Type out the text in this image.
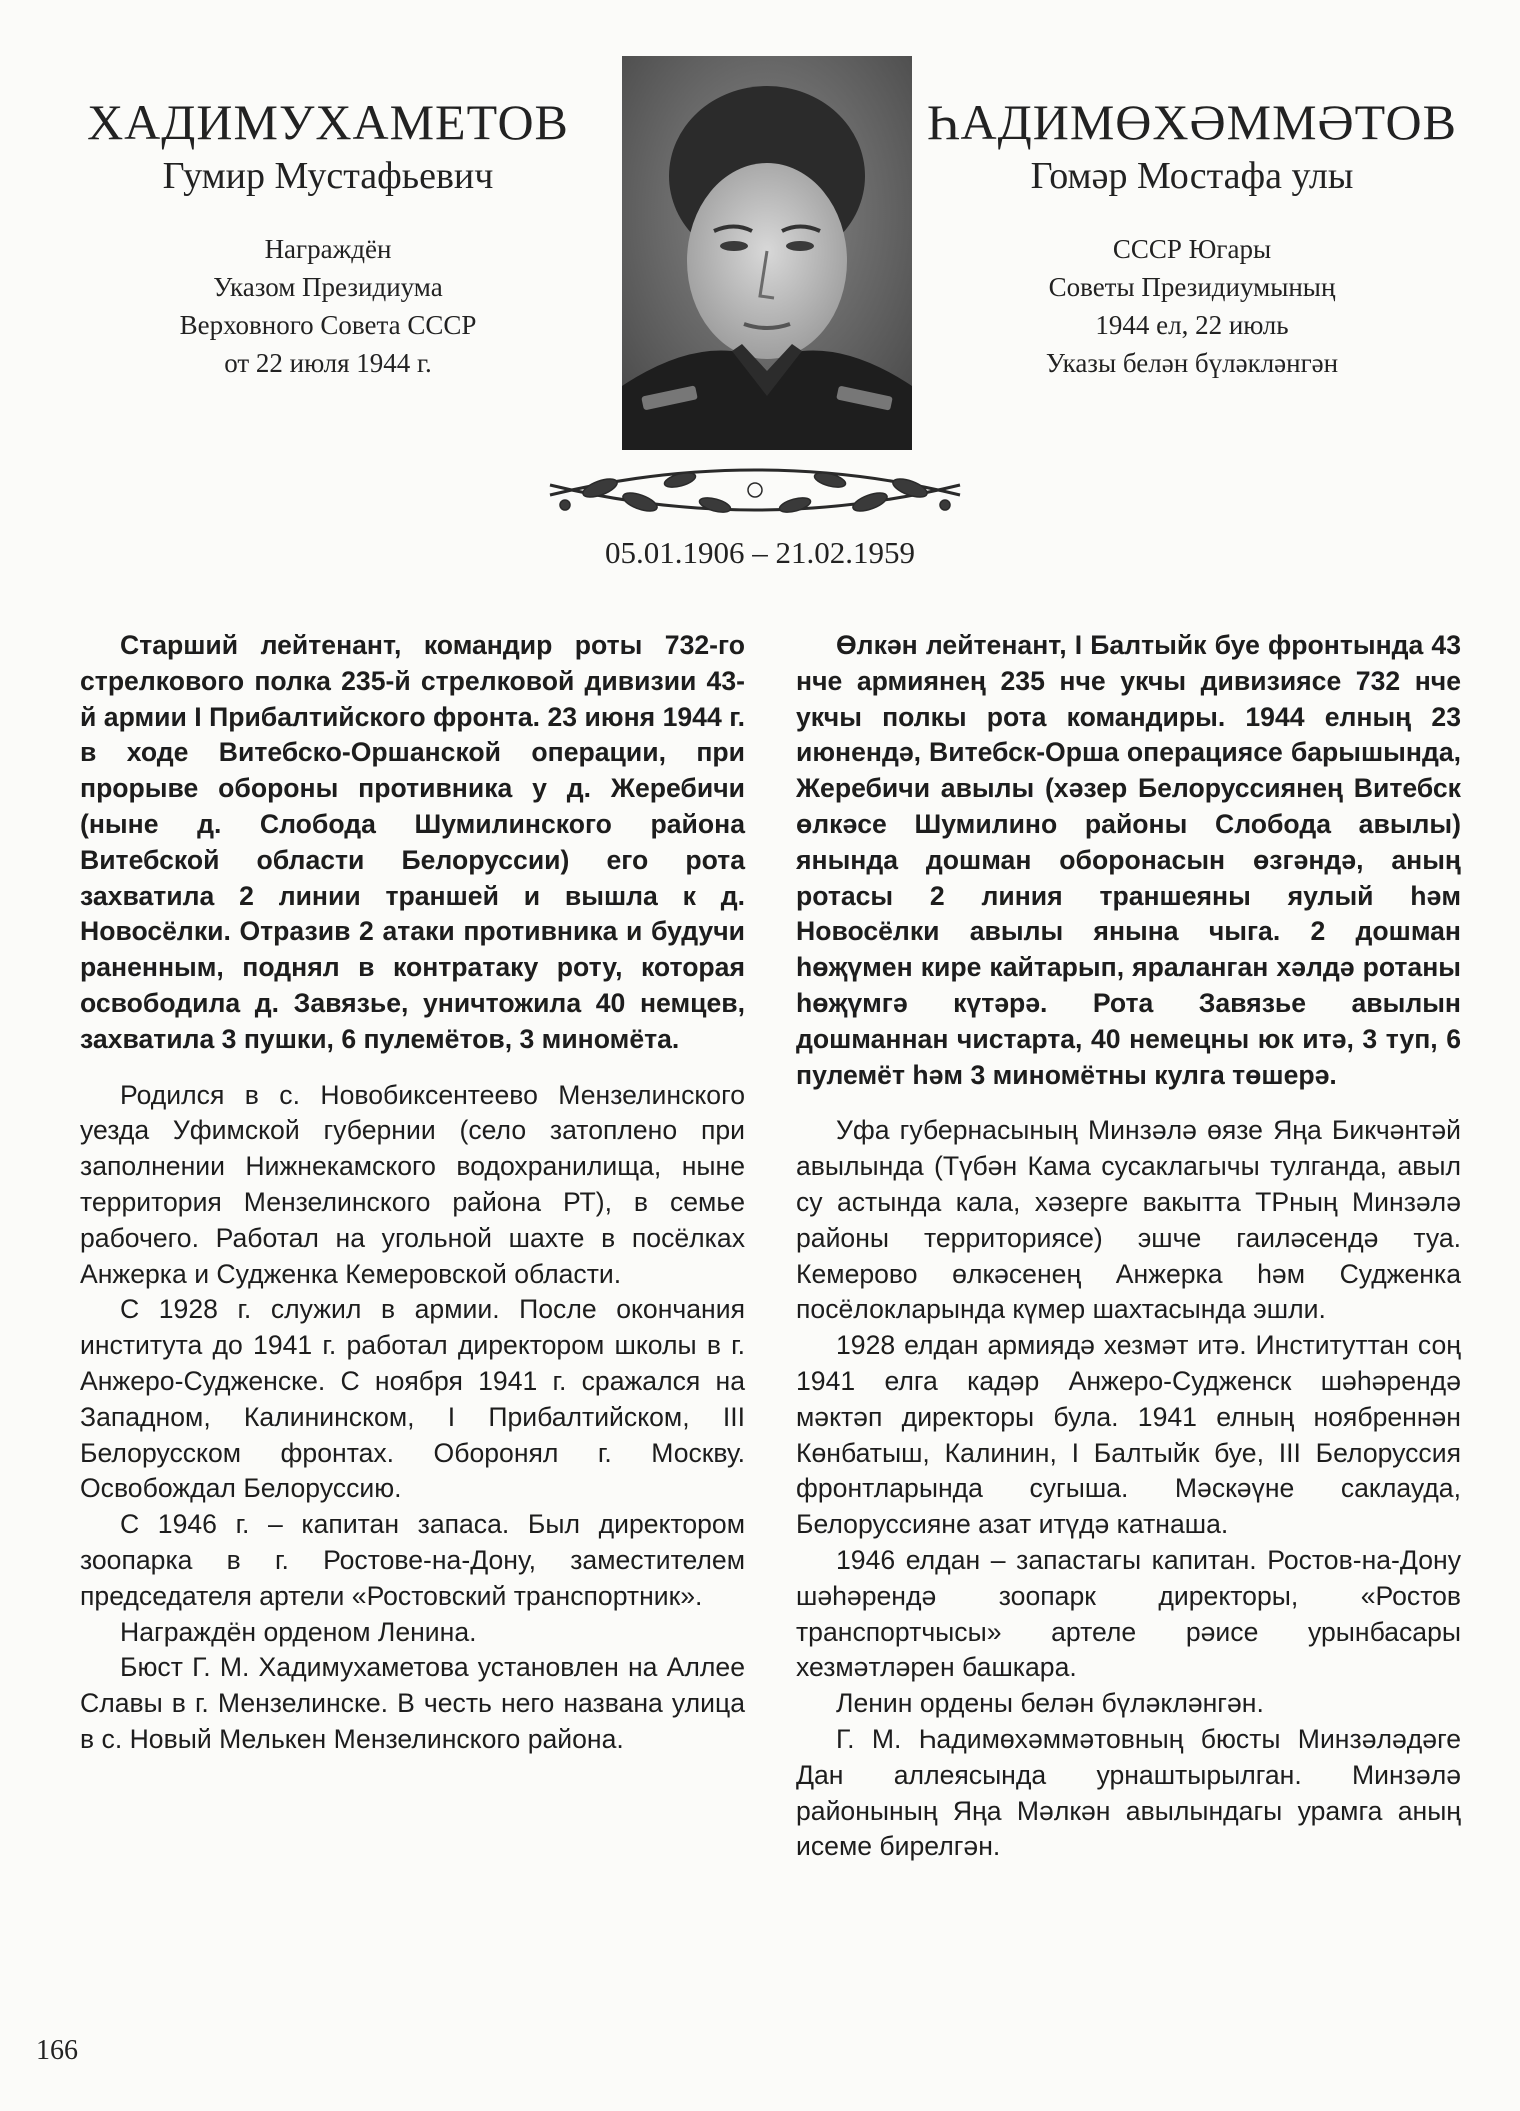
ХАДИМУХАМЕТОВ
Гумир Мустафьевич
Награждён
Указом Президиума
Верховного Совета СССР
от 22 июля 1944 г.
ҺАДИМӨХӘММӘТОВ
Гомәр Мостафа улы
СССР Югары
Советы Президиумының
1944 ел, 22 июль
Указы белән бүләкләнгән
05.01.1906 – 21.02.1959

Старший лейтенант, командир роты 732-го стрелкового полка 235-й стрелковой дивизии 43-й армии I Прибалтийского фронта. 23 июня 1944 г. в ходе Витебско-Оршанской операции, при прорыве обороны противника у д. Жеребичи (ныне д. Слобода Шумилинского района Витебской области Белоруссии) его рота захватила 2 линии траншей и вышла к д. Новосёлки. Отразив 2 атаки противника и будучи раненным, поднял в контратаку роту, которая освободила д. Завязье, уничтожила 40 немцев, захватила 3 пушки, 6 пулемётов, 3 миномёта.

Родился в с. Новобиксентеево Мензелинского уезда Уфимской губернии (село затоплено при заполнении Нижнекамского водохранилища, ныне территория Мензелинского района РТ), в семье рабочего. Работал на угольной шахте в посёлках Анжерка и Судженка Кемеровской области.

С 1928 г. служил в армии. После окончания института до 1941 г. работал директором школы в г. Анжеро-Судженске. С ноября 1941 г. сражался на Западном, Калининском, I Прибалтийском, III Белорусском фронтах. Оборонял г. Москву. Освобождал Белоруссию.

С 1946 г. – капитан запаса. Был директором зоопарка в г. Ростове-на-Дону, заместителем председателя артели «Ростовский транспортник».

Награждён орденом Ленина.

Бюст Г. М. Хадимухаметова установлен на Аллее Славы в г. Мензелинске. В честь него названа улица в с. Новый Мелькен Мензелинского района.

Өлкән лейтенант, I Балтыйк буе фронтында 43 нче армиянең 235 нче укчы дивизиясе 732 нче укчы полкы рота командиры. 1944 елның 23 июнендә, Витебск-Орша операциясе барышында, Жеребичи авылы (хәзер Белоруссиянең Витебск өлкәсе Шумилино районы Слобода авылы) янында дошман оборонасын өзгәндә, аның ротасы 2 линия траншеяны яулый һәм Новосёлки авылы янына чыга. 2 дошман һөҗүмен кире кайтарып, яраланган хәлдә ротаны һөҗүмгә күтәрә. Рота Завязье авылын дошманнан чистарта, 40 немецны юк итә, 3 туп, 6 пулемёт һәм 3 миномётны кулга төшерә.

Уфа губернасының Минзәлә өязе Яңа Бикчәнтәй авылында (Түбән Кама сусаклагычы тулганда, авыл су астында кала, хәзерге вакытта ТРның Минзәлә районы территориясе) эшче гаиләсендә туа. Кемерово өлкәсенең Анжерка һәм Судженка посёлокларында күмер шахтасында эшли.

1928 елдан армиядә хезмәт итә. Институттан соң 1941 елга кадәр Анжеро-Судженск шәһәрендә мәктәп директоры була. 1941 елның ноябреннән Көнбатыш, Калинин, I Балтыйк буе, III Белоруссия фронтларында сугыша. Мәскәүне саклауда, Белоруссияне азат итүдә катнаша.

1946 елдан – запастагы капитан. Ростов-на-Дону шәһәрендә зоопарк директоры, «Ростов транспортчысы» артеле рәисе урынбасары хезмәтләрен башкара.

Ленин ордены белән бүләкләнгән.

Г. М. Һадимөхәммәтовның бюсты Минзәләдәге Дан аллеясында урнаштырылган. Минзәлә районының Яңа Мәлкән авылындагы урамга аның исеме бирелгән.

166
